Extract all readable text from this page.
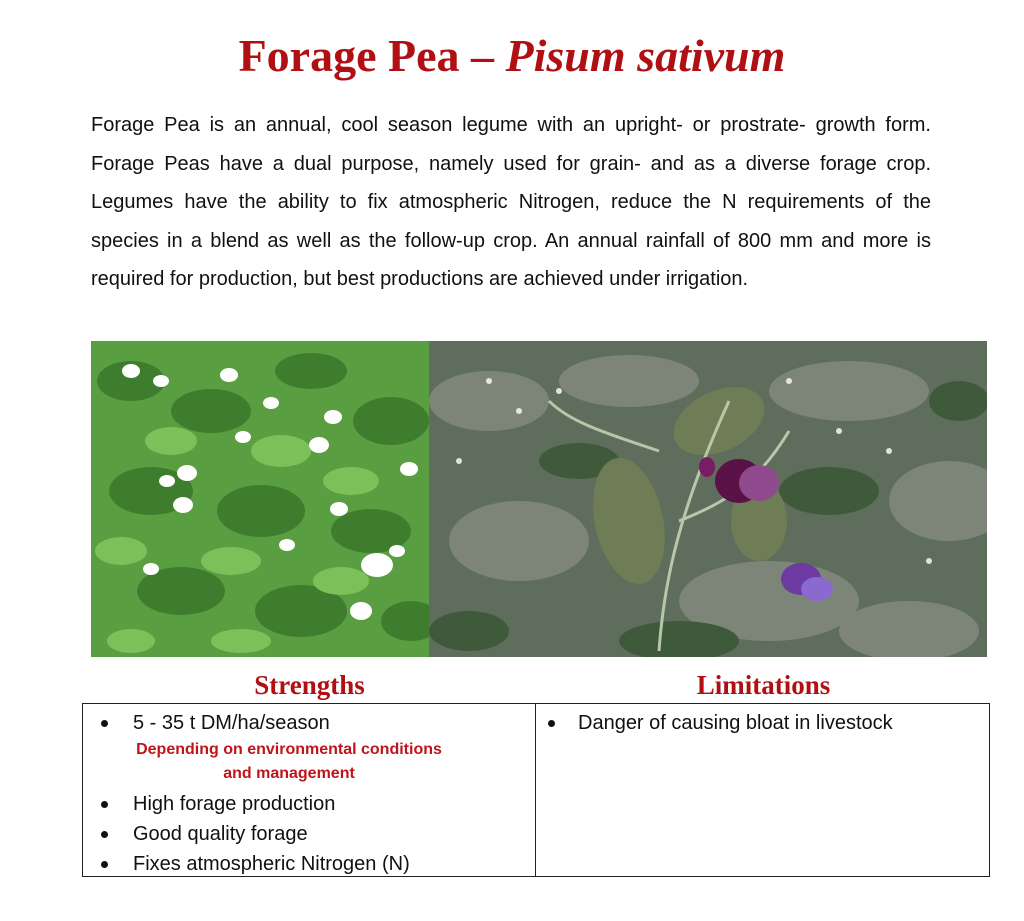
Forage Pea – Pisum sativum

Forage Pea is an annual, cool season legume with an upright- or prostrate- growth form. Forage Peas have a dual purpose, namely used for grain- and as a diverse forage crop. Legumes have the ability to fix atmospheric Nitrogen, reduce the N requirements of the species in a blend as well as the follow-up crop. An annual rainfall of 800 mm and more is required for production, but best productions are achieved under irrigation.

Strengths	Limitations
5 - 35 t DM/ha/season
Depending on environmental conditions
and management
High forage production
Good quality forage
Fixes atmospheric Nitrogen (N)
Danger of causing bloat in livestock
